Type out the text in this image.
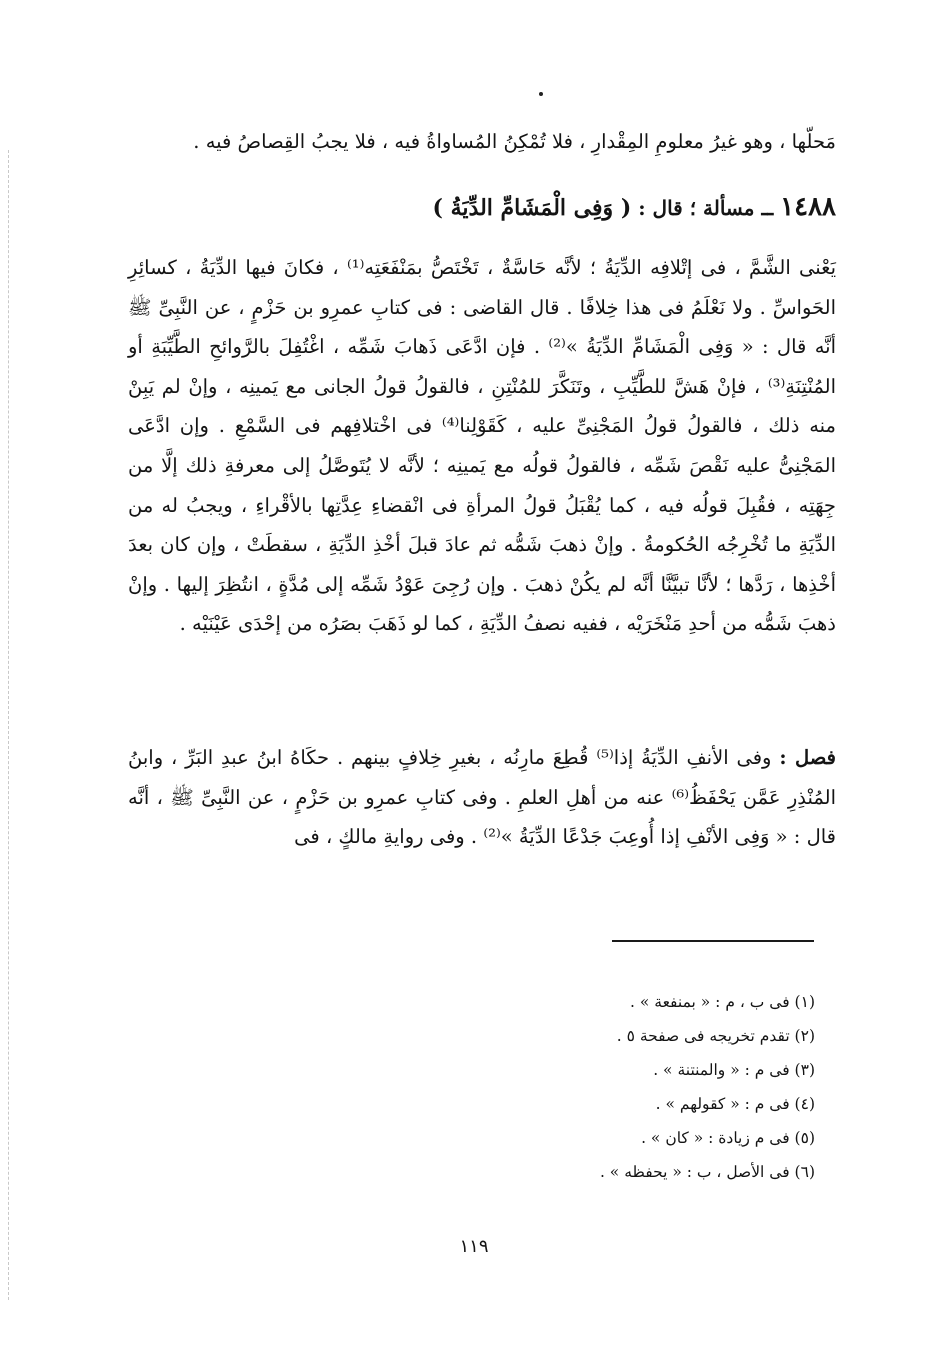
مَحلّها ، وهو غيرُ معلومِ المِقْدارِ ، فلا تُمْكِنُ المُساواةُ فيه ، فلا يجبُ القِصاصُ فيه .
١٤٨٨ ــ مسألة ؛ قال : ( وَفِى الْمَشَامِّ الدِّيَةُ )
يَعْنى الشَّمَّ ، فى إتْلافِه الدِّيَةُ ؛ لأنَّه حَاسَّةٌ ، تَخْتَصُّ بمَنْفَعَتِه⁽¹⁾ ، فكانَ فيها الدِّيَةُ ، كسائِرِ الحَواسِّ . ولا نَعْلَمُ فى هذا خِلافًا . قال القاضى : فى كتابِ عمرِو بن حَزْمٍ ، عن النَّبِىِّ ﷺ أنَّه قال : « وَفِى الْمَشَامِّ الدِّيَةُ »⁽²⁾ . فإن ادَّعَى ذَهابَ شَمِّه ، اغْتُفِلَ بالرَّوائحِ الطَّيِّبَةِ أو المُنْتِنَةِ⁽³⁾ ، فإنْ هَشَّ للطَّيِّبِ ، وتَنَكَّرَ للمُنْتِنِ ، فالقولُ قولُ الجانى مع يَمينِه ، وإنْ لم يَبِنْ منه ذلك ، فالقولُ قولُ المَجْنِىِّ عليه ، كَقَوْلِنا⁽⁴⁾ فى اخْتلافِهم فى السَّمْعِ . وإن ادَّعَى المَجْنِىُّ عليه نَقْصَ شَمِّه ، فالقولُ قولُه مع يَمينِه ؛ لأنَّه لا يُتَوصَّلُ إلى معرفةِ ذلك إلَّا من جِهَتِه ، فقُبِلَ قولُه فيه ، كما يُقْبَلُ قولُ المرأةِ فى انْقضاءِ عِدَّتِها بالأقْراءِ ، ويجبُ له من الدِّيَةِ ما تُخْرِجُه الحُكومةُ . وإنْ ذهبَ شَمُّه ثم عادَ قبلَ أخْذِ الدِّيَةِ ، سقطَتْ ، وإن كان بعدَ أخْذِها ، رَدَّها ؛ لأنَّا تبيَّنَّا أنَّه لم يكُنْ ذهبَ . وإن رُجِىَ عَوْدُ شَمِّه إلى مُدَّةٍ ، انتُظِرَ إليها . وإنْ ذهبَ شَمُّه من أحدِ مَنْخَرَيْه ، ففيه نصفُ الدِّيَةِ ، كما لو ذَهَبَ بصَرُه من إحْدَى عَيْنَيْه .
فصل : وفى الأنفِ الدِّيَةُ إذا⁽⁵⁾ قُطِعَ مارِنُه ، بغيرِ خِلافٍ بينهم . حكَاهُ ابنُ عبدِ البَرِّ ، وابنُ المُنْذِرِ عَمَّن يَحْفَظُ⁽⁶⁾ عنه من أهلِ العلمِ . وفى كتابِ عمرِو بن حَزْمٍ ، عن النَّبِىِّ ﷺ ، أنَّه قال : « وَفِى الأنْفِ إذا أُوعِبَ جَدْعًا الدِّيَةُ »⁽²⁾ . وفى روايةِ مالكٍ ، فى
(١) فى ب ، م : « بمنفعة » .
(٢) تقدم تخريجه فى صفحة ٥ .
(٣) فى م : « والمنتنة » .
(٤) فى م : « كقولهم » .
(٥) فى م زيادة : « كان » .
(٦) فى الأصل ، ب : « يحفظه » .
١١٩
